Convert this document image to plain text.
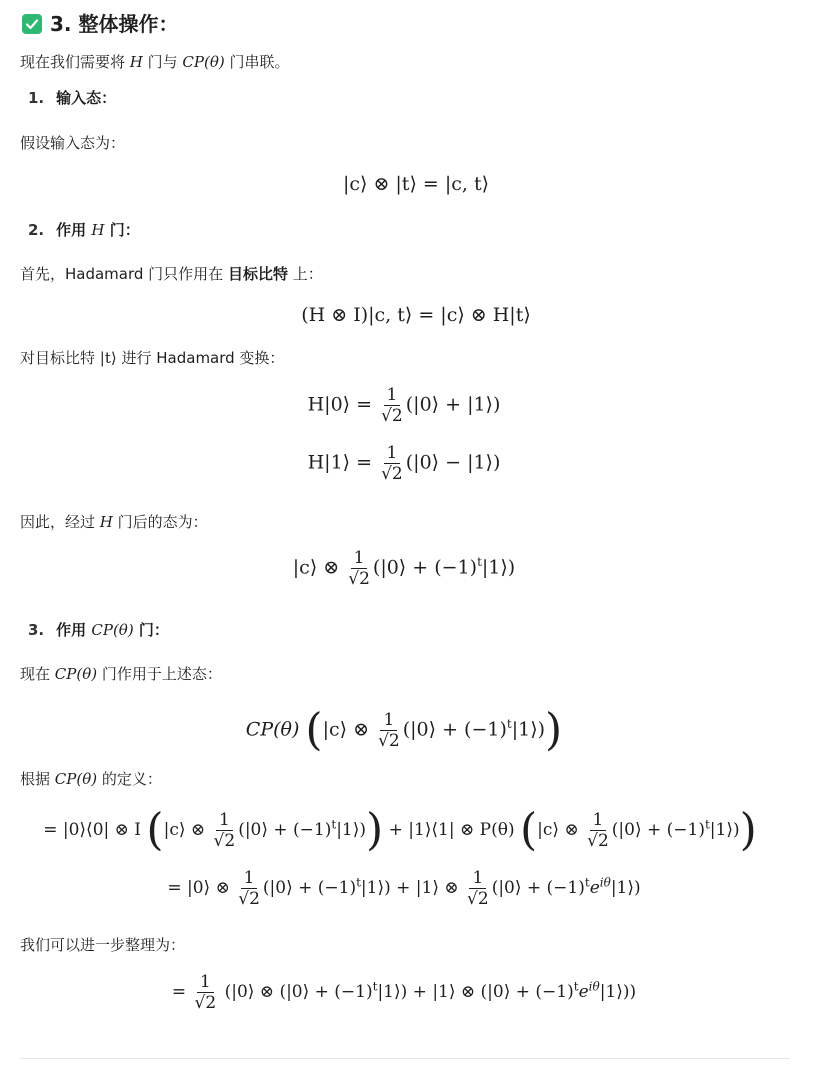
3. 整体操作：
现在我们需要将 H 门与 CP(θ) 门串联。
1. 输入态：
假设输入态为：
|c⟩ ⊗ |t⟩ = |c, t⟩
2. 作用 H 门：
首先，Hadamard 门只作用在 目标比特 上：
(H ⊗ I)|c, t⟩ = |c⟩ ⊗ H|t⟩
对目标比特 |t⟩ 进行 Hadamard 变换：
H|0⟩ = $\frac{1}{√2}$ (|0⟩ + |1⟩)
H|1⟩ = $\frac{1}{√2}$ (|0⟩ − |1⟩)
因此，经过 H 门后的态为：
|c⟩ ⊗ $\frac{1}{√2}$ (|0⟩ + $(-1)^t|1⟩$)
3. 作用 CP(θ) 门：
现在 CP(θ) 门作用于上述态：
CP(θ) (|c⟩ ⊗ $\frac{1}{√2}$ (|0⟩ + $(-1)^t|1⟩$))
根据 CP(θ) 的定义：
= |0⟩⟨0| ⊗ I (|c⟩ ⊗ $\frac{1}{√2}$ (|0⟩ + $(-1)^t|1⟩$)) + |1⟩⟨1| ⊗ P(θ) (|c⟩ ⊗ $\frac{1}{√2}$ (|0⟩ + $(-1)^t|1⟩$))
= |0⟩ ⊗ $\frac{1}{√2}$ (|0⟩ + $(-1)^t|1⟩$) + |1⟩ ⊗ $\frac{1}{√2}$ (|0⟩ + $(-1)^te^{i\theta}|1⟩$)
我们可以进一步整理为：
= $\frac{1}{√2}$ (|0⟩ ⊗ (|0⟩ + $(-1)^t|1⟩$) + |1⟩ ⊗ (|0⟩ + $(-1)^te^{i\theta}|1⟩$))
